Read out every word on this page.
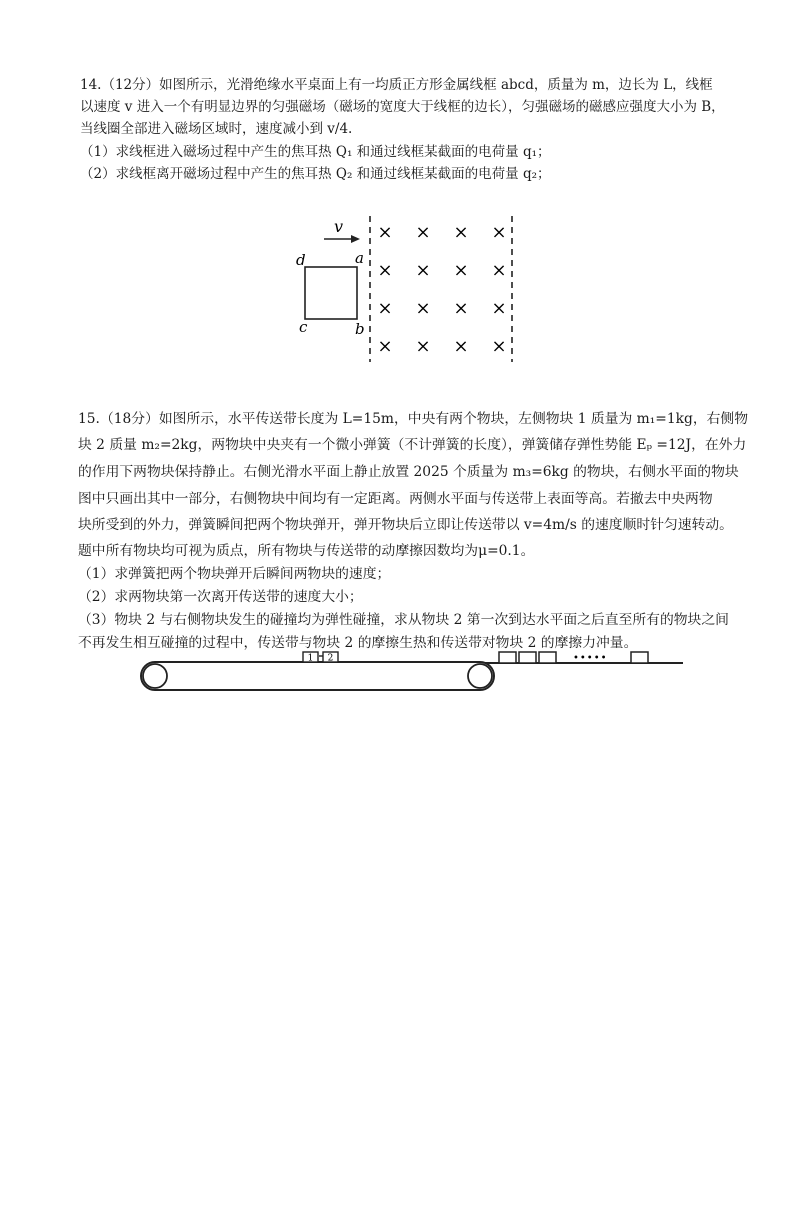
14.（12分）如图所示，光滑绝缘水平桌面上有一均质正方形金属线框 abcd，质量为 m，边长为 L，线框
以速度 v 进入一个有明显边界的匀强磁场（磁场的宽度大于线框的边长），匀强磁场的磁感应强度大小为 B，
当线圈全部进入磁场区域时，速度减小到 v/4.
（1）求线框进入磁场过程中产生的焦耳热 Q₁ 和通过线框某截面的电荷量 q₁；
（2）求线框离开磁场过程中产生的焦耳热 Q₂ 和通过线框某截面的电荷量 q₂；
v
d	a
c	b
× × × ×
× × × ×
× × × ×
× × × ×
15.（18分）如图所示，水平传送带长度为 L=15m，中央有两个物块，左侧物块 1 质量为 m₁=1kg，右侧物
块 2 质量 m₂=2kg，两物块中央夹有一个微小弹簧（不计弹簧的长度），弹簧储存弹性势能 Eₚ =12J，在外力
的作用下两物块保持静止。右侧光滑水平面上静止放置 2025 个质量为 m₃=6kg 的物块，右侧水平面的物块
图中只画出其中一部分，右侧物块中间均有一定距离。两侧水平面与传送带上表面等高。若撤去中央两物
块所受到的外力，弹簧瞬间把两个物块弹开，弹开物块后立即让传送带以 v=4m/s 的速度顺时针匀速转动。
题中所有物块均可视为质点，所有物块与传送带的动摩擦因数均为μ=0.1。
（1）求弹簧把两个物块弹开后瞬间两物块的速度；
（2）求两物块第一次离开传送带的速度大小；
（3）物块 2 与右侧物块发生的碰撞均为弹性碰撞，求从物块 2 第一次到达水平面之后直至所有的物块之间
不再发生相互碰撞的过程中，传送带与物块 2 的摩擦生热和传送带对物块 2 的摩擦力冲量。
1 2	•••••
